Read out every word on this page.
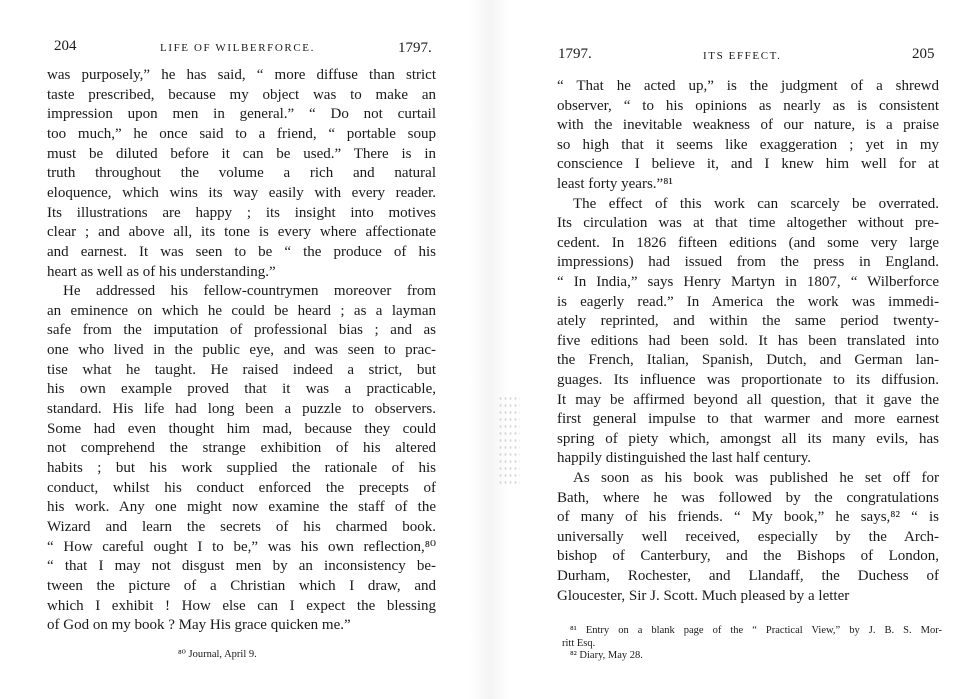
204	LIFE OF WILBERFORCE.	1797.
was purposely,” he has said, “ more diffuse than strict
taste prescribed, because my object was to make an
impression upon men in general.” “ Do not curtail
too much,” he once said to a friend, “ portable soup
must be diluted before it can be used.” There is in
truth throughout the volume a rich and natural
eloquence, which wins its way easily with every reader.
Its illustrations are happy ; its insight into motives
clear ; and above all, its tone is every where affectionate
and earnest. It was seen to be “ the produce of his
heart as well as of his understanding.”
He addressed his fellow-countrymen moreover from
an eminence on which he could be heard ; as a layman
safe from the imputation of professional bias ; and as
one who lived in the public eye, and was seen to prac-
tise what he taught. He raised indeed a strict, but
his own example proved that it was a practicable,
standard. His life had long been a puzzle to observers.
Some had even thought him mad, because they could
not comprehend the strange exhibition of his altered
habits ; but his work supplied the rationale of his
conduct, whilst his conduct enforced the precepts of
his work. Any one might now examine the staff of the
Wizard and learn the secrets of his charmed book.
“ How careful ought I to be,” was his own reflection,⁸⁰
“ that I may not disgust men by an inconsistency be-
tween the picture of a Christian which I draw, and
which I exhibit ! How else can I expect the blessing
of God on my book ? May His grace quicken me.”
⁸⁰ Journal, April 9.
1797.	ITS EFFECT.	205
“ That he acted up,” is the judgment of a shrewd
observer, “ to his opinions as nearly as is consistent
with the inevitable weakness of our nature, is a praise
so high that it seems like exaggeration ; yet in my
conscience I believe it, and I knew him well for at
least forty years.”⁸¹
The effect of this work can scarcely be overrated.
Its circulation was at that time altogether without pre-
cedent. In 1826 fifteen editions (and some very large
impressions) had issued from the press in England.
“ In India,” says Henry Martyn in 1807, “ Wilberforce
is eagerly read.” In America the work was immedi-
ately reprinted, and within the same period twenty-
five editions had been sold. It has been translated into
the French, Italian, Spanish, Dutch, and German lan-
guages. Its influence was proportionate to its diffusion.
It may be affirmed beyond all question, that it gave the
first general impulse to that warmer and more earnest
spring of piety which, amongst all its many evils, has
happily distinguished the last half century.
As soon as his book was published he set off for
Bath, where he was followed by the congratulations
of many of his friends. “ My book,” he says,⁸² “ is
universally well received, especially by the Arch-
bishop of Canterbury, and the Bishops of London,
Durham, Rochester, and Llandaff, the Duchess of
Gloucester, Sir J. Scott. Much pleased by a letter
⁸¹ Entry on a blank page of the “ Practical View,” by J. B. S. Mor-
ritt Esq.
⁸² Diary, May 28.
